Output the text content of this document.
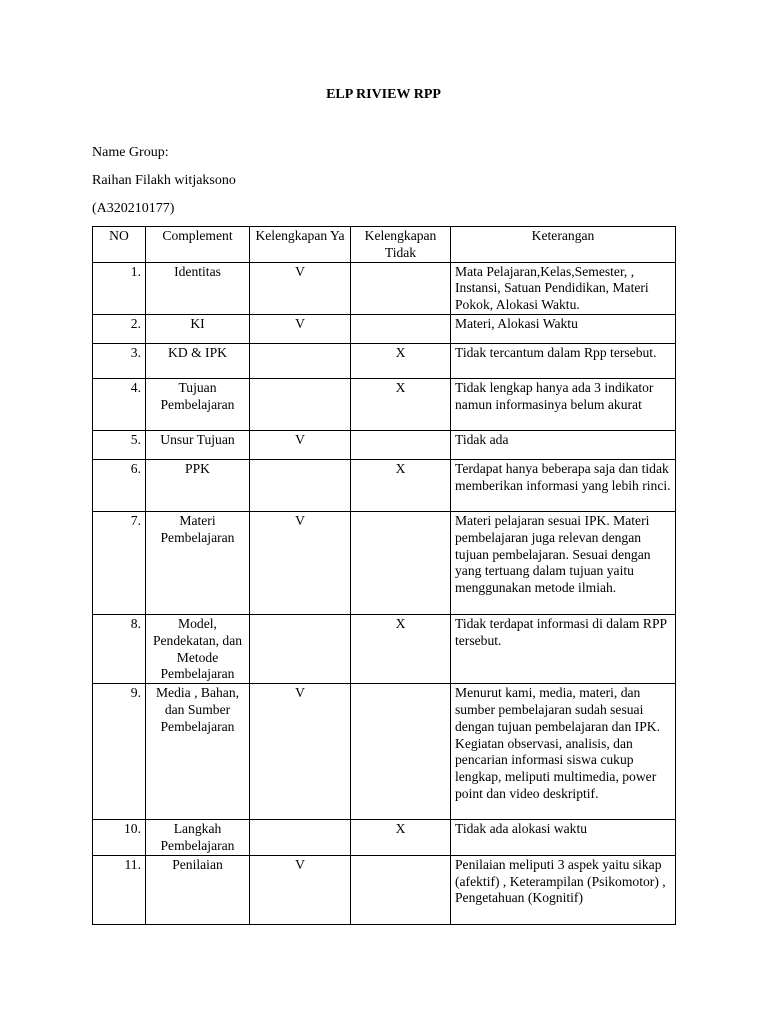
ELP RIVIEW RPP
Name Group:
Raihan Filakh witjaksono
(A320210177)
NO	Complement	Kelengkapan Ya	Kelengkapan Tidak	Keterangan
1.	Identitas	V		Mata Pelajaran,Kelas,Semester, , Instansi, Satuan Pendidikan, Materi Pokok, Alokasi Waktu.
2.	KI	V		Materi, Alokasi Waktu
3.	KD & IPK		X	Tidak tercantum dalam Rpp tersebut.
4.	Tujuan Pembelajaran		X	Tidak lengkap hanya ada 3 indikator namun informasinya belum akurat
5.	Unsur Tujuan	V		Tidak ada
6.	PPK		X	Terdapat hanya beberapa saja dan tidak memberikan informasi yang lebih rinci.
7.	Materi Pembelajaran	V		Materi pelajaran sesuai IPK. Materi pembelajaran juga relevan dengan tujuan pembelajaran. Sesuai dengan yang tertuang dalam tujuan yaitu menggunakan metode ilmiah.
8.	Model, Pendekatan, dan Metode Pembelajaran		X	Tidak terdapat informasi di dalam RPP tersebut.
9.	Media , Bahan, dan Sumber Pembelajaran	V		Menurut kami, media, materi, dan sumber pembelajaran sudah sesuai dengan tujuan pembelajaran dan IPK. Kegiatan observasi, analisis, dan pencarian informasi siswa cukup lengkap, meliputi multimedia, power point dan video deskriptif.
10.	Langkah Pembelajaran		X	Tidak ada alokasi waktu
11.	Penilaian	V		Penilaian meliputi 3 aspek yaitu sikap (afektif) , Keterampilan (Psikomotor) , Pengetahuan (Kognitif)
